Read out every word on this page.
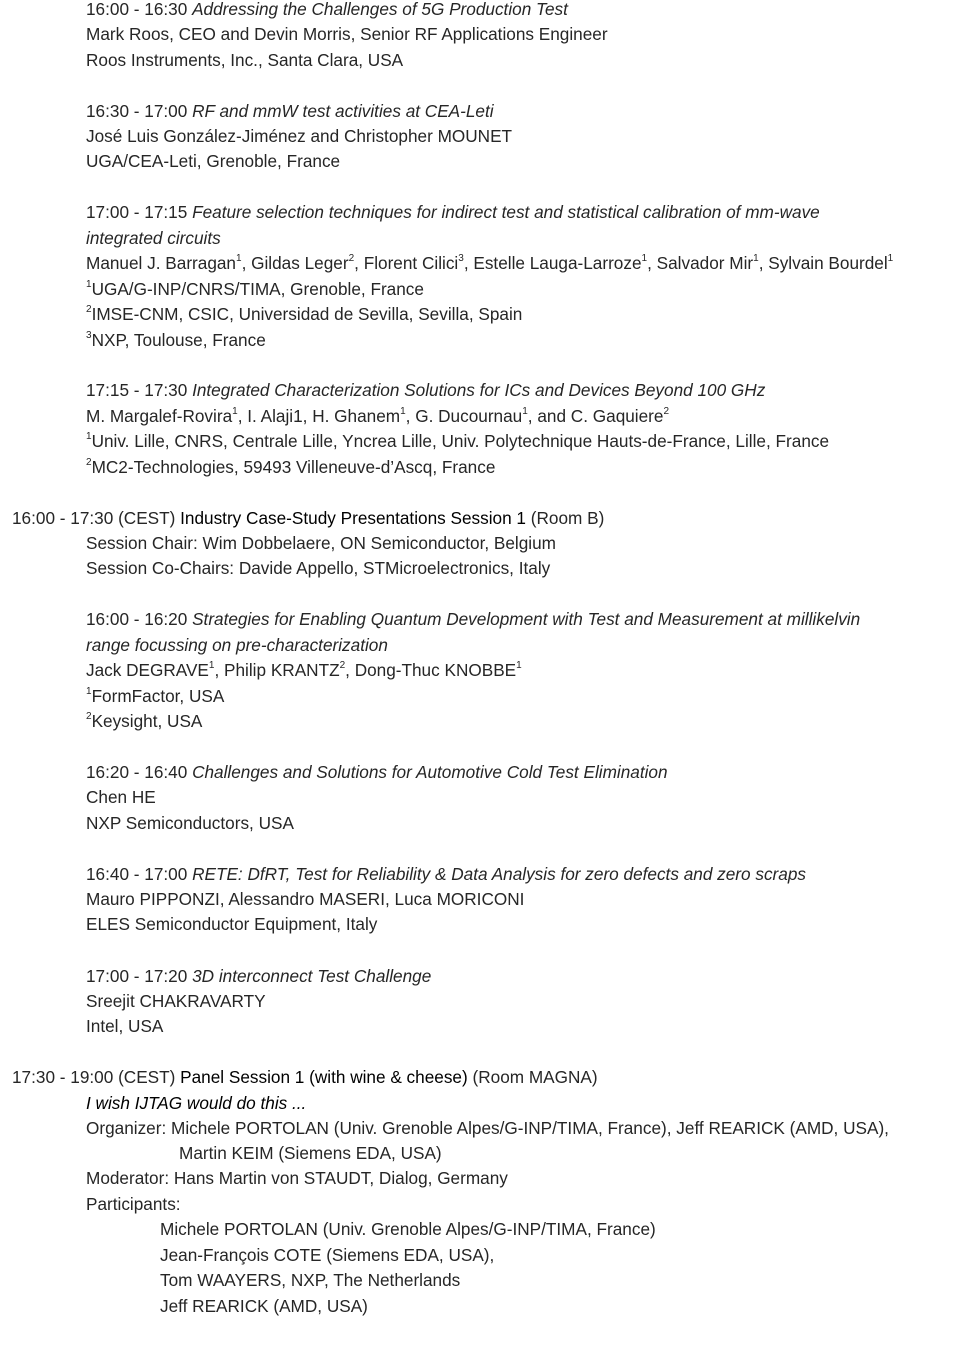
16:00 - 16:30 Addressing the Challenges of 5G Production Test
Mark Roos, CEO and Devin Morris, Senior RF Applications Engineer
Roos Instruments, Inc., Santa Clara, USA
16:30 - 17:00 RF and mmW test activities at CEA-Leti
José Luis González-Jiménez and Christopher MOUNET
UGA/CEA-Leti, Grenoble, France
17:00 - 17:15 Feature selection techniques for indirect test and statistical calibration of mm-wave
integrated circuits
Manuel J. Barragan$^1$, Gildas Leger$^2$, Florent Cilici$^3$, Estelle Lauga-Larroze$^1$, Salvador Mir$^1$, Sylvain Bourdel$^1$
$^1$UGA/G-INP/CNRS/TIMA, Grenoble, France
$^2$IMSE-CNM, CSIC, Universidad de Sevilla, Sevilla, Spain
$^3$NXP, Toulouse, France
17:15 - 17:30 Integrated Characterization Solutions for ICs and Devices Beyond 100 GHz
M. Margalef-Rovira$^1$, I. Alaji1, H. Ghanem$^1$, G. Ducournau$^1$, and C. Gaquiere$^2$
$^1$Univ. Lille, CNRS, Centrale Lille, Yncrea Lille, Univ. Polytechnique Hauts-de-France, Lille, France
$^2$MC2-Technologies, 59493 Villeneuve-d’Ascq, France
16:00 - 17:30 (CEST) Industry Case-Study Presentations Session 1 (Room B)
Session Chair: Wim Dobbelaere, ON Semiconductor, Belgium
Session Co-Chairs: Davide Appello, STMicroelectronics, Italy
16:00 - 16:20 Strategies for Enabling Quantum Development with Test and Measurement at millikelvin
range focussing on pre-characterization
Jack DEGRAVE$^1$, Philip KRANTZ$^2$, Dong-Thuc KNOBBE$^1$
$^1$FormFactor, USA
$^2$Keysight, USA
16:20 - 16:40 Challenges and Solutions for Automotive Cold Test Elimination
Chen HE
NXP Semiconductors, USA
16:40 - 17:00 RETE: DfRT, Test for Reliability & Data Analysis for zero defects and zero scraps
Mauro PIPPONZI, Alessandro MASERI, Luca MORICONI
ELES Semiconductor Equipment, Italy
17:00 - 17:20 3D interconnect Test Challenge
Sreejit CHAKRAVARTY
Intel, USA
17:30 - 19:00 (CEST) Panel Session 1 (with wine & cheese) (Room MAGNA)
I wish IJTAG would do this ...
Organizer: Michele PORTOLAN (Univ. Grenoble Alpes/G-INP/TIMA, France), Jeff REARICK (AMD, USA),
Martin KEIM (Siemens EDA, USA)
Moderator: Hans Martin von STAUDT, Dialog, Germany
Participants:
Michele PORTOLAN (Univ. Grenoble Alpes/G-INP/TIMA, France)
Jean-François COTE (Siemens EDA, USA),
Tom WAAYERS, NXP, The Netherlands
Jeff REARICK (AMD, USA)
